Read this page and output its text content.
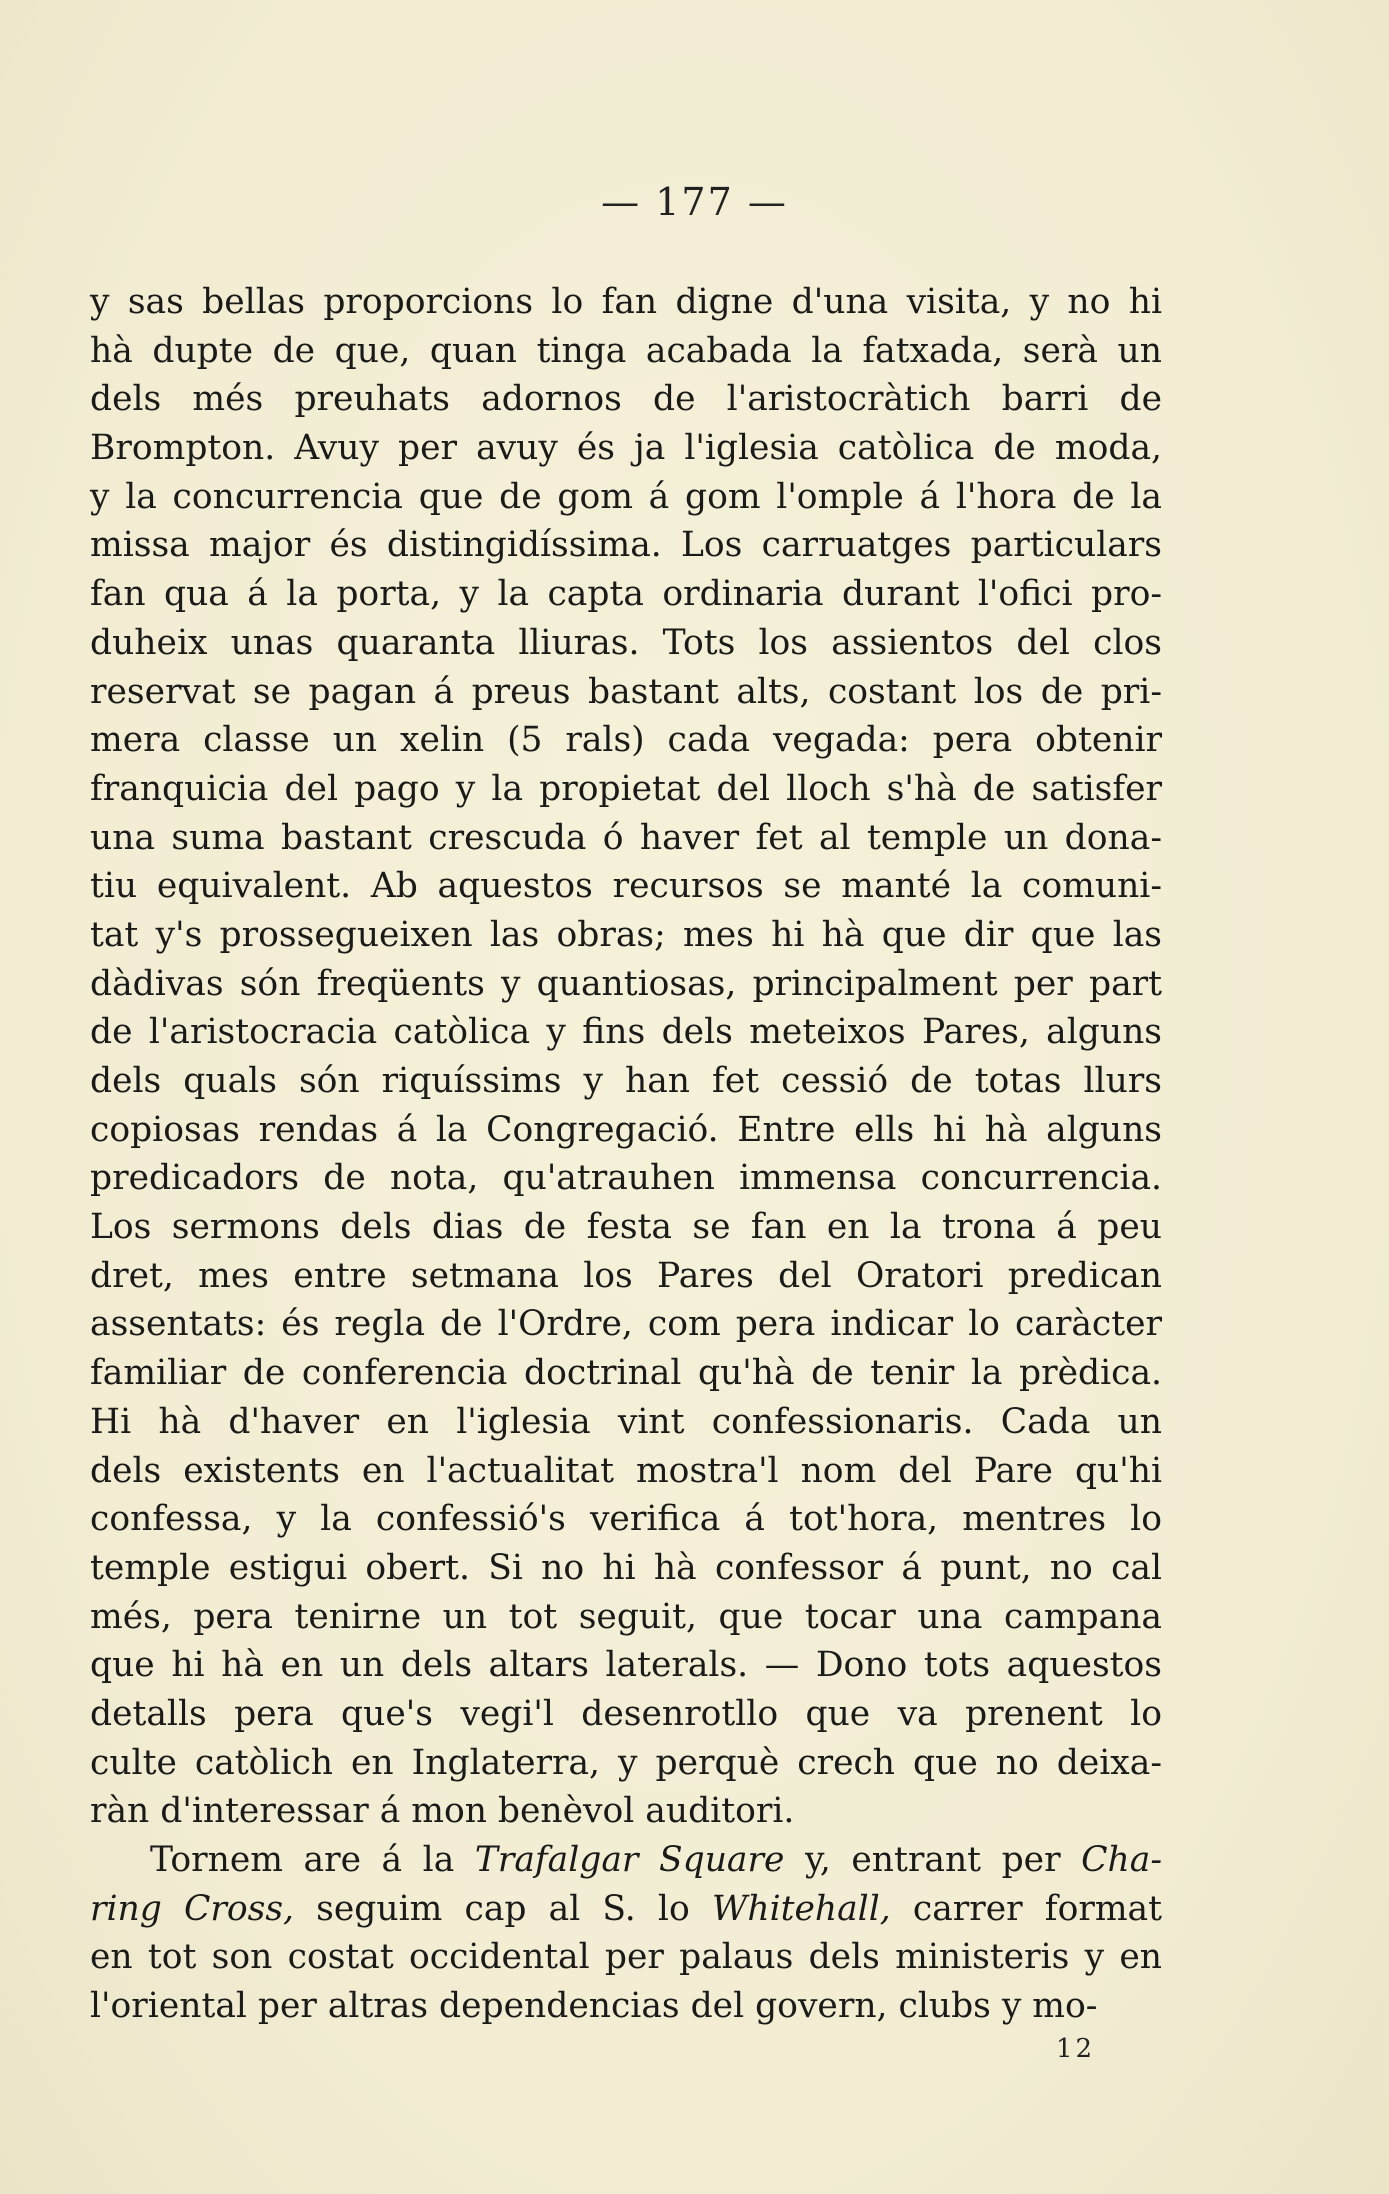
— 177 —
y sas bellas proporcions lo fan digne d'una visita, y no hi
hà dupte de que, quan tinga acabada la fatxada, serà un
dels més preuhats adornos de l'aristocràtich barri de
Brompton. Avuy per avuy és ja l'iglesia catòlica de moda,
y la concurrencia que de gom á gom l'omple á l'hora de la
missa major és distingidíssima. Los carruatges particulars
fan qua á la porta, y la capta ordinaria durant l'ofici pro-
duheix unas quaranta lliuras. Tots los assientos del clos
reservat se pagan á preus bastant alts, costant los de pri-
mera classe un xelin (5 rals) cada vegada: pera obtenir
franquicia del pago y la propietat del lloch s'hà de satisfer
una suma bastant crescuda ó haver fet al temple un dona-
tiu equivalent. Ab aquestos recursos se manté la comuni-
tat y's prossegueixen las obras; mes hi hà que dir que las
dàdivas són freqüents y quantiosas, principalment per part
de l'aristocracia catòlica y fins dels meteixos Pares, alguns
dels quals són riquíssims y han fet cessió de totas llurs
copiosas rendas á la Congregació. Entre ells hi hà alguns
predicadors de nota, qu'atrauhen immensa concurrencia.
Los sermons dels dias de festa se fan en la trona á peu
dret, mes entre setmana los Pares del Oratori predican
assentats: és regla de l'Ordre, com pera indicar lo caràcter
familiar de conferencia doctrinal qu'hà de tenir la prèdica.
Hi hà d'haver en l'iglesia vint confessionaris. Cada un
dels existents en l'actualitat mostra'l nom del Pare qu'hi
confessa, y la confessió's verifica á tot'hora, mentres lo
temple estigui obert. Si no hi hà confessor á punt, no cal
més, pera tenirne un tot seguit, que tocar una campana
que hi hà en un dels altars laterals. — Dono tots aquestos
detalls pera que's vegi'l desenrotllo que va prenent lo
culte catòlich en Inglaterra, y perquè crech que no deixa-
ràn d'interessar á mon benèvol auditori.
Tornem are á la Trafalgar Square y, entrant per Cha-
ring Cross, seguim cap al S. lo Whitehall, carrer format
en tot son costat occidental per palaus dels ministeris y en
l'oriental per altras dependencias del govern, clubs y mo-
12
